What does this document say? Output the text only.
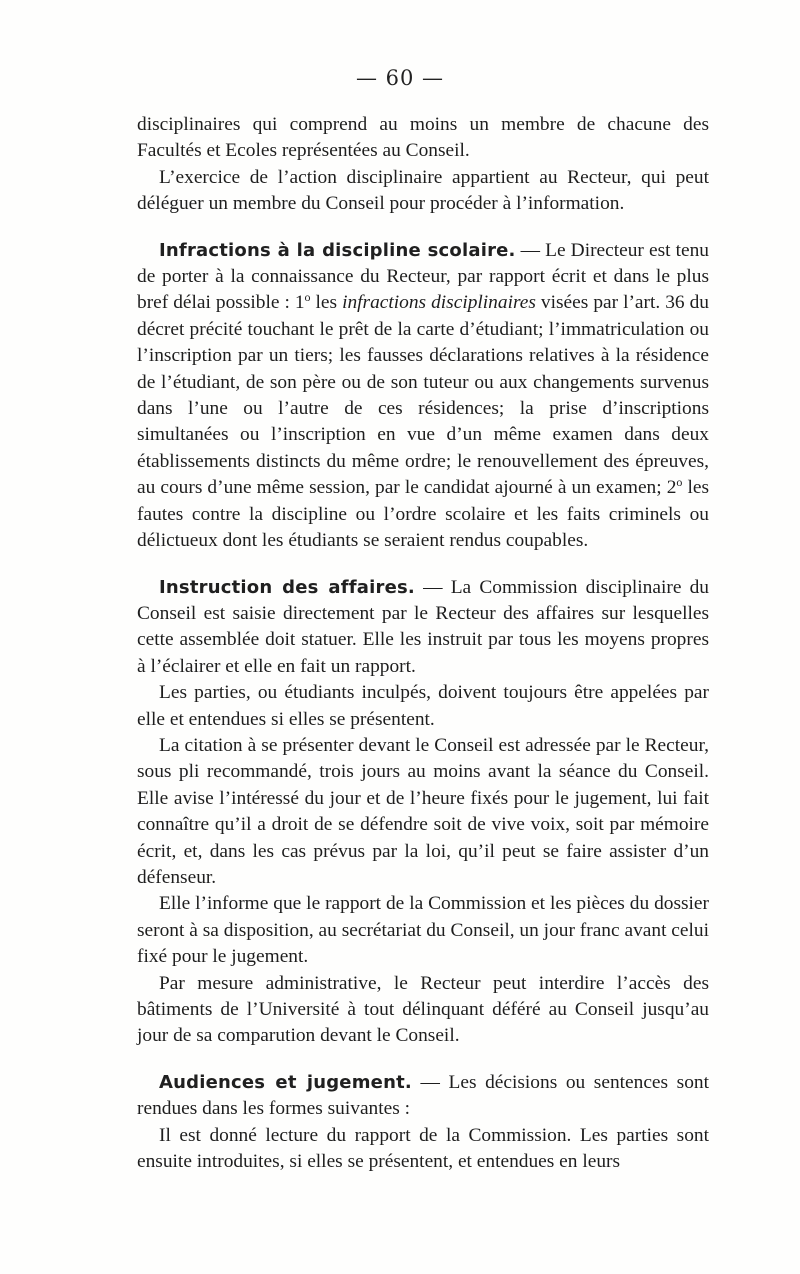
— 60 —

disciplinaires qui comprend au moins un membre de chacune des Facultés et Ecoles représentées au Conseil.

L’exercice de l’action disciplinaire appartient au Recteur, qui peut déléguer un membre du Conseil pour procéder à l’information.

Infractions à la discipline scolaire. — Le Directeur est tenu de porter à la connaissance du Recteur, par rapport écrit et dans le plus bref délai possible : 1$^o$ les infractions disciplinaires visées par l’art. 36 du décret précité touchant le prêt de la carte d’étudiant; l’immatriculation ou l’inscription par un tiers; les fausses déclarations relatives à la résidence de l’étudiant, de son père ou de son tuteur ou aux changements survenus dans l’une ou l’autre de ces résidences; la prise d’inscriptions simultanées ou l’inscription en vue d’un même examen dans deux établissements distincts du même ordre; le renouvellement des épreuves, au cours d’une même session, par le candidat ajourné à un examen; 2$^o$ les fautes contre la discipline ou l’ordre scolaire et les faits criminels ou délictueux dont les étudiants se seraient rendus coupables.

Instruction des affaires. — La Commission disciplinaire du Conseil est saisie directement par le Recteur des affaires sur lesquelles cette assemblée doit statuer. Elle les instruit par tous les moyens propres à l’éclairer et elle en fait un rapport.

Les parties, ou étudiants inculpés, doivent toujours être appelées par elle et entendues si elles se présentent.

La citation à se présenter devant le Conseil est adressée par le Recteur, sous pli recommandé, trois jours au moins avant la séance du Conseil. Elle avise l’intéressé du jour et de l’heure fixés pour le jugement, lui fait connaître qu’il a droit de se défendre soit de vive voix, soit par mémoire écrit, et, dans les cas prévus par la loi, qu’il peut se faire assister d’un défenseur.

Elle l’informe que le rapport de la Commission et les pièces du dossier seront à sa disposition, au secrétariat du Conseil, un jour franc avant celui fixé pour le jugement.

Par mesure administrative, le Recteur peut interdire l’accès des bâtiments de l’Université à tout délinquant déféré au Conseil jusqu’au jour de sa comparution devant le Conseil.

Audiences et jugement. — Les décisions ou sentences sont rendues dans les formes suivantes :

Il est donné lecture du rapport de la Commission. Les parties sont ensuite introduites, si elles se présentent, et entendues en leurs
